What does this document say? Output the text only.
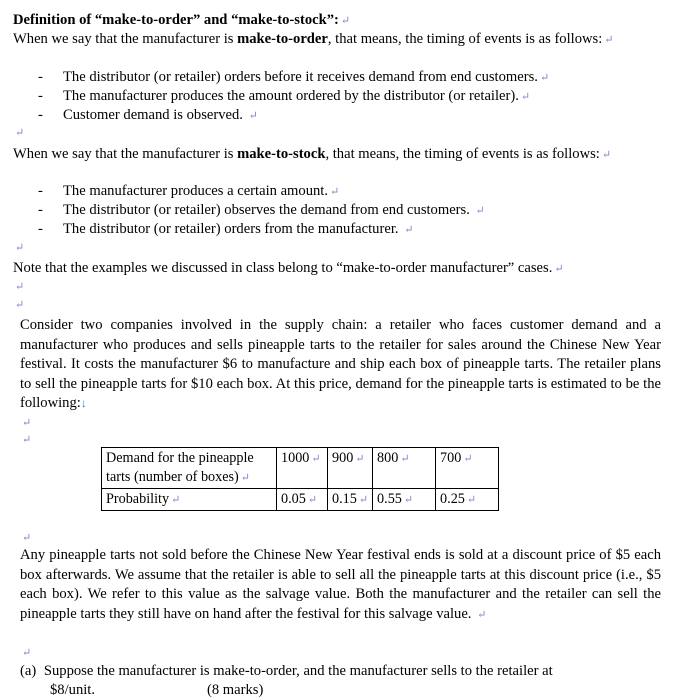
Definition of “make-to-order” and “make-to-stock”: ↵
When we say that the manufacturer is make-to-order, that means, the timing of events is as follows: ↵
- The distributor (or retailer) orders before it receives demand from end customers. ↵
- The manufacturer produces the amount ordered by the distributor (or retailer). ↵
- Customer demand is observed. ↵
↵
When we say that the manufacturer is make-to-stock, that means, the timing of events is as follows: ↵
- The manufacturer produces a certain amount. ↵
- The distributor (or retailer) observes the demand from end customers. ↵
- The distributor (or retailer) orders from the manufacturer. ↵
↵
Note that the examples we discussed in class belong to “make-to-order manufacturer” cases. ↵
↵
↵
Consider two companies involved in the supply chain: a retailer who faces customer demand and a manufacturer who produces and sells pineapple tarts to the retailer for sales around the Chinese New Year festival. It costs the manufacturer $6 to manufacture and ship each box of pineapple tarts. The retailer plans to sell the pineapple tarts for $10 each box. At this price, demand for the pineapple tarts is estimated to be the following:↓
↵
↵
Demand for the pineapple tarts (number of boxes) ↵	1000 ↵	900 ↵	800 ↵	700 ↵
Probability ↵	0.05 ↵	0.15 ↵	0.55 ↵	0.25 ↵
↵
Any pineapple tarts not sold before the Chinese New Year festival ends is sold at a discount price of $5 each box afterwards. We assume that the retailer is able to sell all the pineapple tarts at this discount price (i.e., $5 each box). We refer to this value as the salvage value. Both the manufacturer and the retailer can sell the pineapple tarts they still have on hand after the festival for this salvage value. ↵
↵
(a) Suppose the manufacturer is make-to-order, and the manufacturer sells to the retailer at
$8/unit.	(8 marks)
